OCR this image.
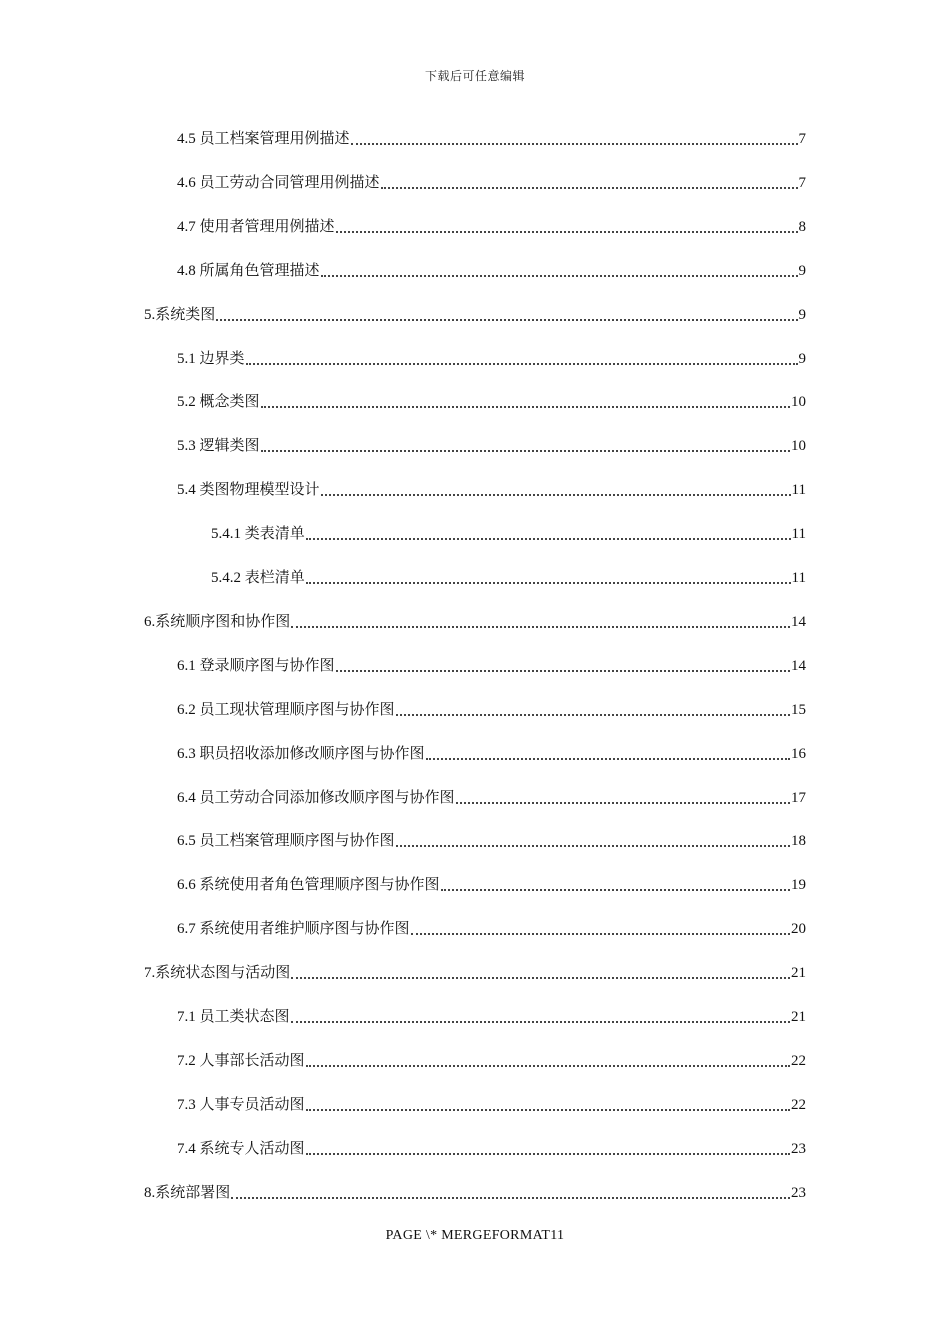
下载后可任意编辑
4.5 员工档案管理用例描述	7
4.6 员工劳动合同管理用例描述	7
4.7 使用者管理用例描述	8
4.8 所属角色管理描述	9
5.系统类图	9
5.1 边界类	9
5.2 概念类图	10
5.3 逻辑类图	10
5.4 类图物理模型设计	11
5.4.1 类表清单	11
5.4.2 表栏清单	11
6.系统顺序图和协作图	14
6.1 登录顺序图与协作图	14
6.2 员工现状管理顺序图与协作图	15
6.3 职员招收添加修改顺序图与协作图	16
6.4 员工劳动合同添加修改顺序图与协作图	17
6.5 员工档案管理顺序图与协作图	18
6.6 系统使用者角色管理顺序图与协作图	19
6.7 系统使用者维护顺序图与协作图	20
7.系统状态图与活动图	21
7.1 员工类状态图	21
7.2 人事部长活动图	22
7.3 人事专员活动图	22
7.4 系统专人活动图	23
8.系统部署图	23
PAGE \* MERGEFORMAT11
